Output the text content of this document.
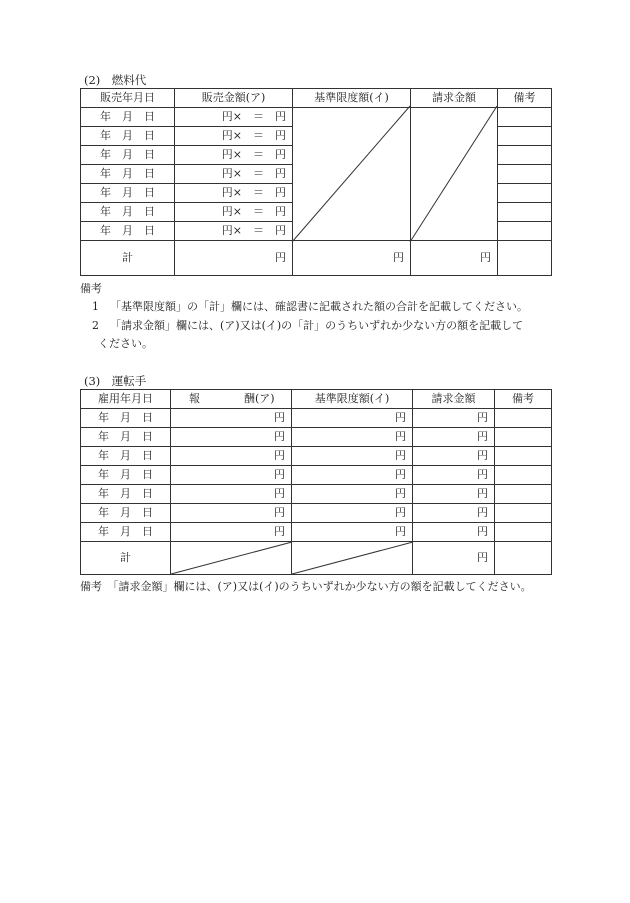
(2)　燃料代
販売年月日	販売金額(ア)	基準限度額(イ)	請求金額	備考
年　月　日	円×　＝　円			
年　月　日	円×　＝　円			
年　月　日	円×　＝　円			
年　月　日	円×　＝　円			
年　月　日	円×　＝　円			
年　月　日	円×　＝　円			
年　月　日	円×　＝　円			
計	円	円	円	
備考
1 「基準限度額」の「計」欄には、確認書に記載された額の合計を記載してください。
2 「請求金額」欄には、(ア)又は(イ)の「計」のうちいずれか少ない方の額を記載して
ください。
(3)　運転手
雇用年月日	報 酬(ア)	基準限度額(イ)	請求金額	備考
年　月　日	円	円	円	
年　月　日	円	円	円	
年　月　日	円	円	円	
年　月　日	円	円	円	
年　月　日	円	円	円	
年　月　日	円	円	円	
年　月　日	円	円	円	
計			円	
備考　「請求金額」欄には、(ア)又は(イ)のうちいずれか少ない方の額を記載してください。
